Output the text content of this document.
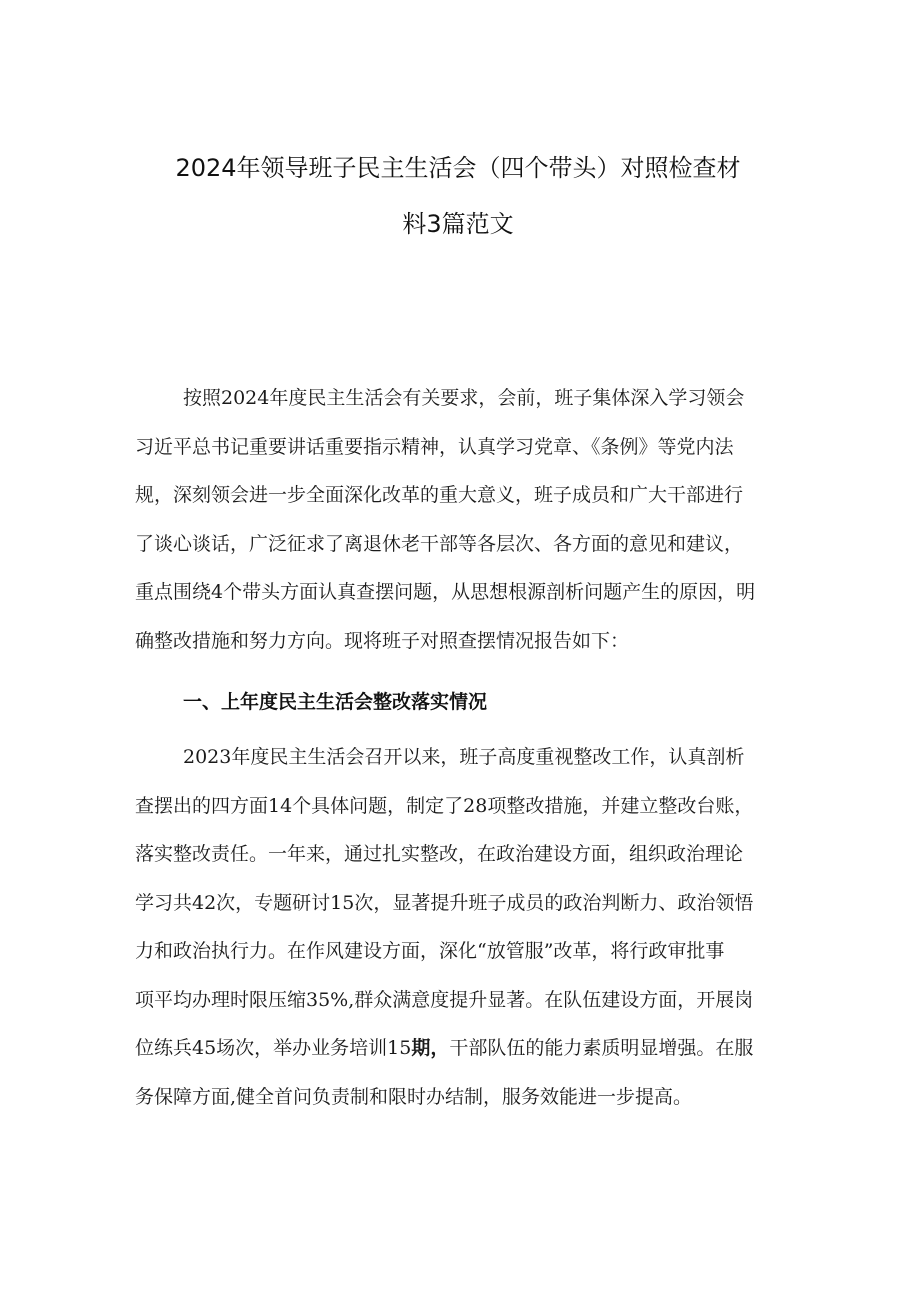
2024年领导班子民主生活会（四个带头）对照检查材
料3篇范文
按照2024年度民主生活会有关要求，会前，班子集体深入学习领会
习近平总书记重要讲话重要指示精神，认真学习党章、《条例》等党内法
规，深刻领会进一步全面深化改革的重大意义，班子成员和广大干部进行
了谈心谈话，广泛征求了离退休老干部等各层次、各方面的意见和建议，
重点围绕4个带头方面认真查摆问题，从思想根源剖析问题产生的原因，明
确整改措施和努力方向。现将班子对照查摆情况报告如下：
一、上年度民主生活会整改落实情况
2023年度民主生活会召开以来，班子高度重视整改工作，认真剖析
查摆出的四方面14个具体问题，制定了28项整改措施，并建立整改台账，
落实整改责任。一年来，通过扎实整改，在政治建设方面，组织政治理论
学习共42次，专题研讨15次，显著提升班子成员的政治判断力、政治领悟
力和政治执行力。在作风建设方面，深化“放管服”改革，将行政审批事
项平均办理时限压缩35%,群众满意度提升显著。在队伍建设方面，开展岗
位练兵45场次，举办业务培训15期，干部队伍的能力素质明显增强。在服
务保障方面,健全首问负责制和限时办结制，服务效能进一步提高。
